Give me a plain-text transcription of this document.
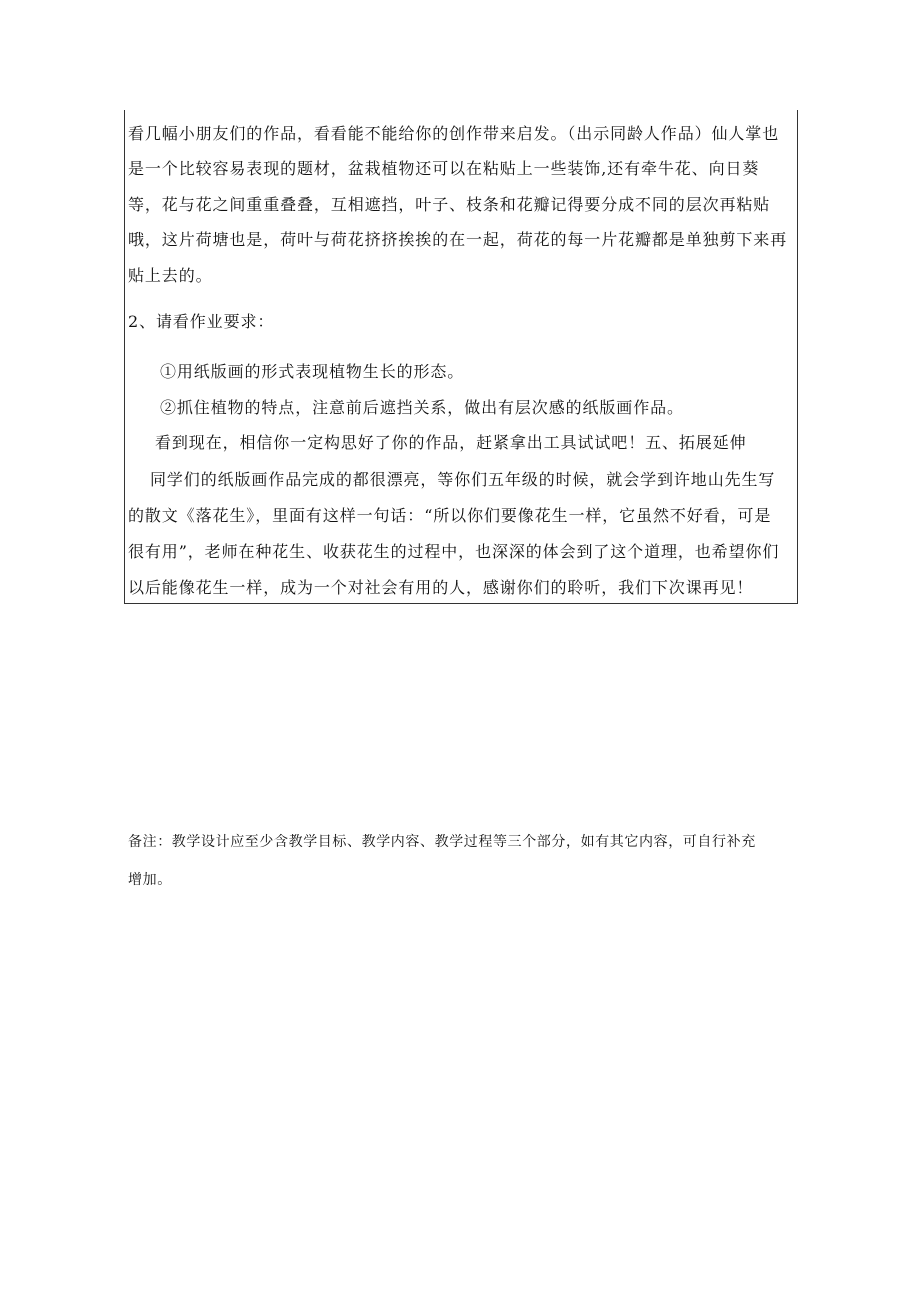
看几幅小朋友们的作品，看看能不能给你的创作带来启发。（出示同龄人作品）仙人掌也
是一个比较容易表现的题材，盆栽植物还可以在粘贴上一些装饰,还有牵牛花、向日葵
等，花与花之间重重叠叠，互相遮挡，叶子、枝条和花瓣记得要分成不同的层次再粘贴
哦，这片荷塘也是，荷叶与荷花挤挤挨挨的在一起，荷花的每一片花瓣都是单独剪下来再
贴上去的。
2、请看作业要求：
①用纸版画的形式表现植物生长的形态。
②抓住植物的特点，注意前后遮挡关系，做出有层次感的纸版画作品。
看到现在，相信你一定构思好了你的作品，赶紧拿出工具试试吧！五、拓展延伸
同学们的纸版画作品完成的都很漂亮，等你们五年级的时候，就会学到许地山先生写
的散文《落花生》，里面有这样一句话：“所以你们要像花生一样，它虽然不好看，可是
很有用”，老师在种花生、收获花生的过程中，也深深的体会到了这个道理，也希望你们
以后能像花生一样，成为一个对社会有用的人，感谢你们的聆听，我们下次课再见！
备注：教学设计应至少含教学目标、教学内容、教学过程等三个部分，如有其它内容，可自行补充
增加。
